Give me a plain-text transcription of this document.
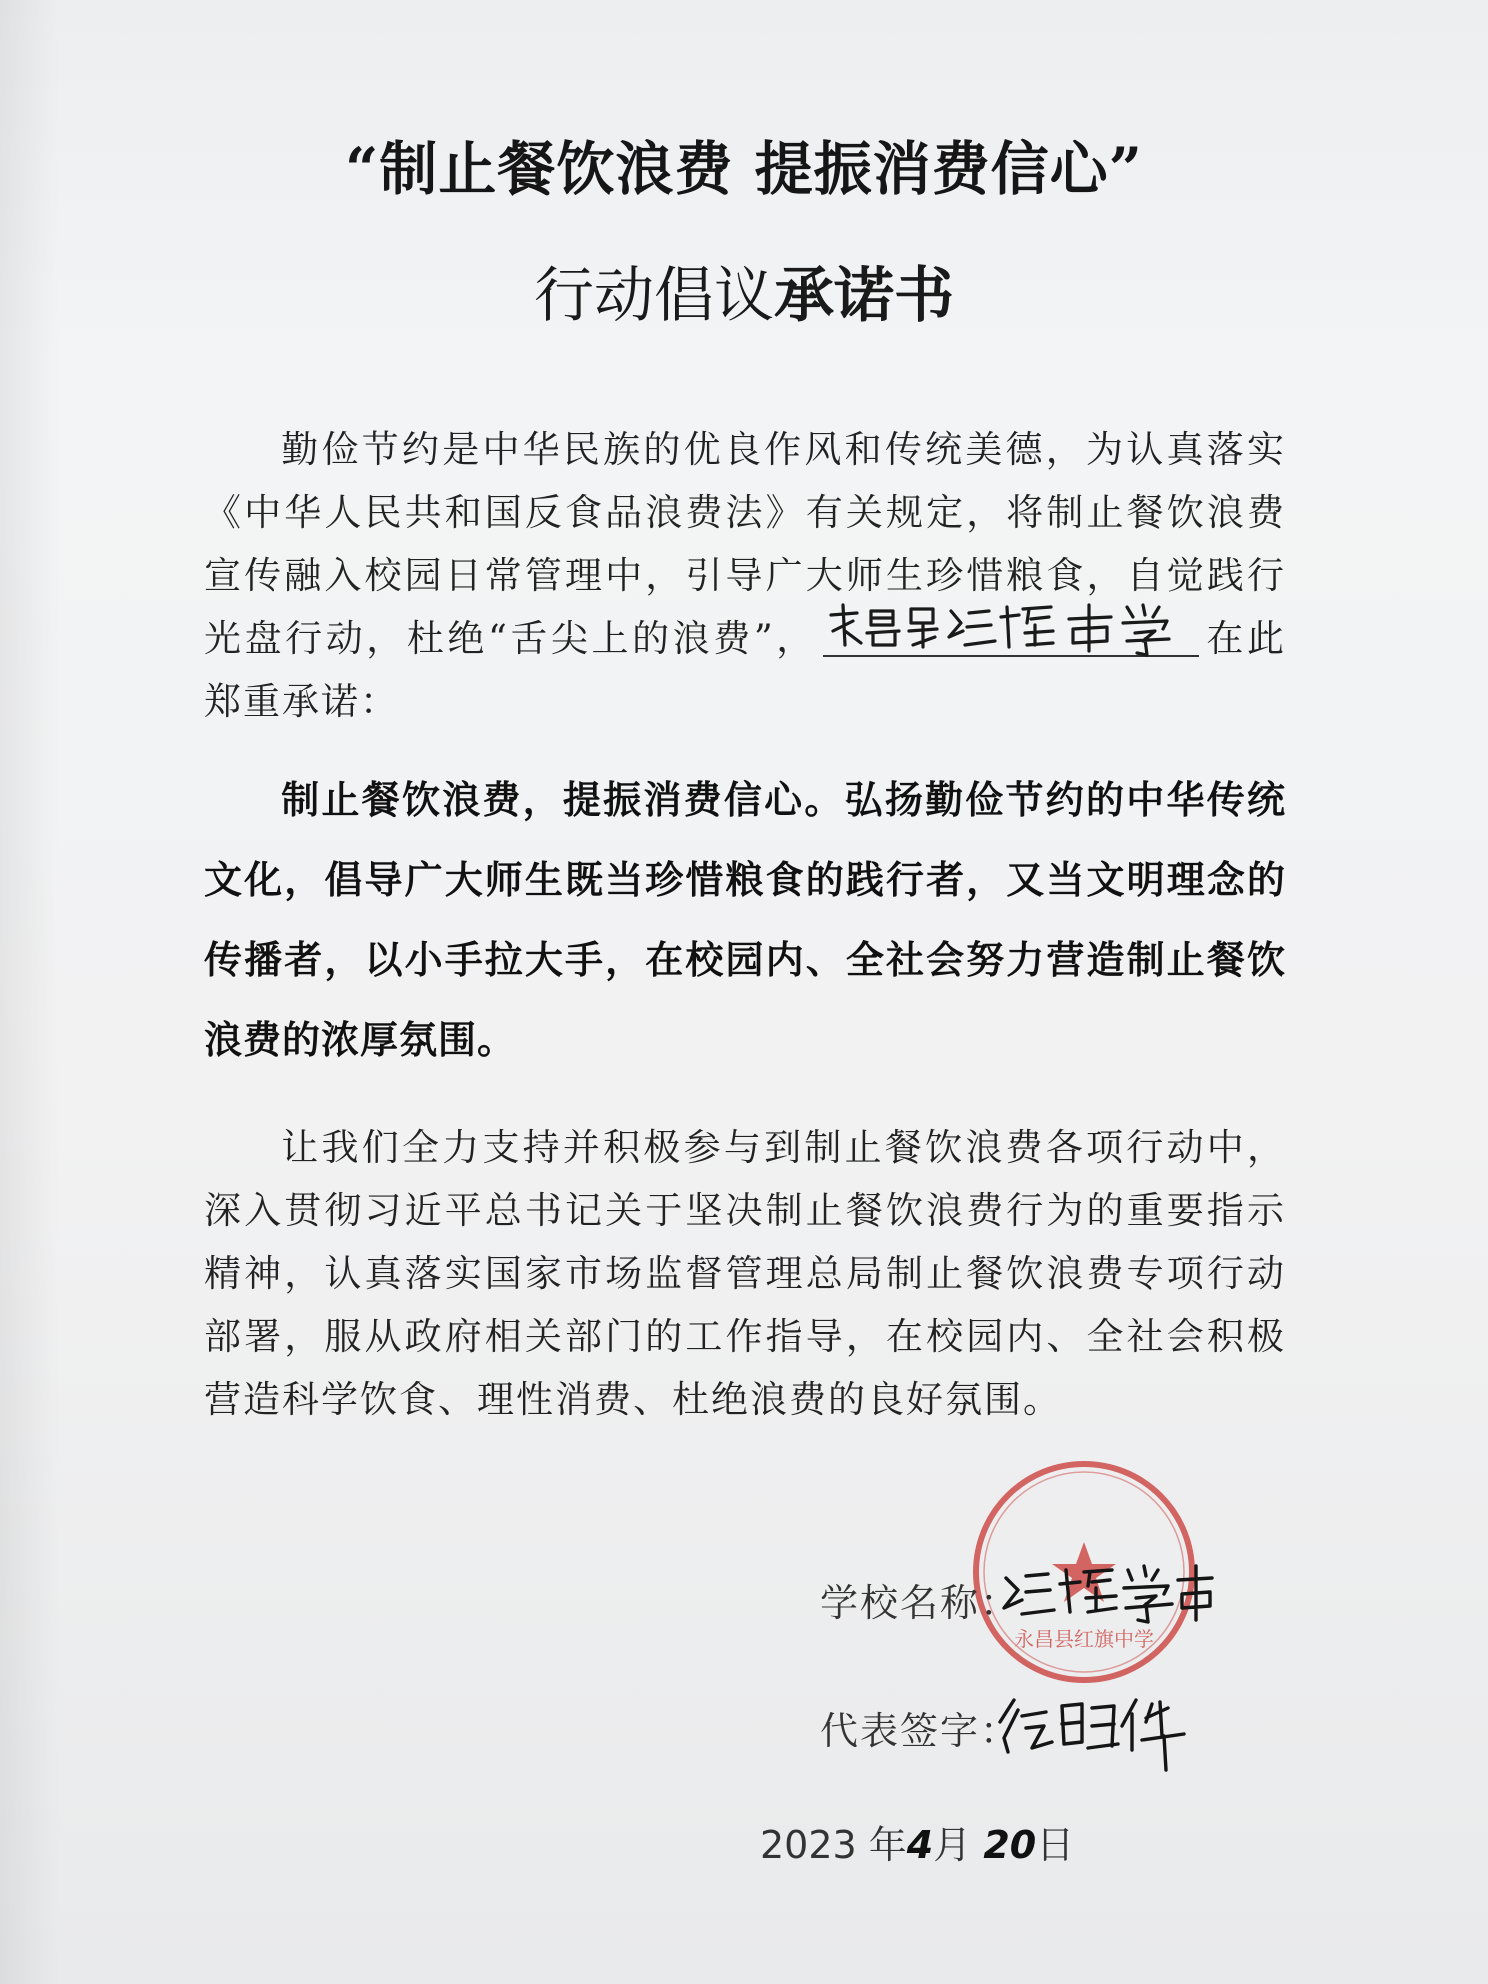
“制止餐饮浪费 提振消费信心”
行动倡议承诺书
勤俭节约是中华民族的优良作风和传统美德，为认真落实《中华人民共和国反食品浪费法》有关规定，将制止餐饮浪费宣传融入校园日常管理中，引导广大师生珍惜粮食，自觉践行光盘行动，杜绝“舌尖上的浪费”，	在此郑重承诺：
制止餐饮浪费，提振消费信心。弘扬勤俭节约的中华传统文化，倡导广大师生既当珍惜粮食的践行者，又当文明理念的传播者，以小手拉大手，在校园内、全社会努力营造制止餐饮浪费的浓厚氛围。
让我们全力支持并积极参与到制止餐饮浪费各项行动中，深入贯彻习近平总书记关于坚决制止餐饮浪费行为的重要指示精神，认真落实国家市场监督管理总局制止餐饮浪费专项行动部署，服从政府相关部门的工作指导，在校园内、全社会积极营造科学饮食、理性消费、杜绝浪费的良好氛围。
永昌县红旗中学
学校名称：
代表签字：
2023 年4月 20日
